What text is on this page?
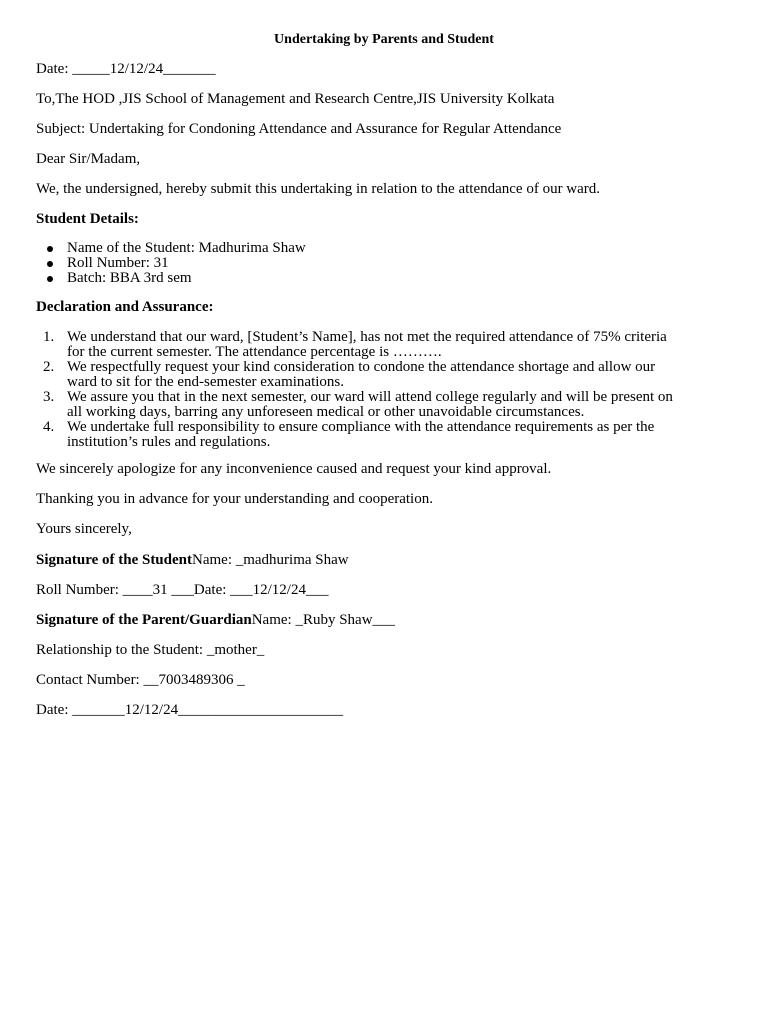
Undertaking by Parents and Student
Date: _____12/12/24_______
To,The HOD ,JIS School of Management and Research Centre,JIS University Kolkata
Subject: Undertaking for Condoning Attendance and Assurance for Regular Attendance
Dear Sir/Madam,
We, the undersigned, hereby submit this undertaking in relation to the attendance of our ward.
Student Details:
Name of the Student: Madhurima Shaw
Roll Number: 31
Batch: BBA 3rd sem
Declaration and Assurance:
1. We understand that our ward, [Student’s Name], has not met the required attendance of 75% criteria
for the current semester. The attendance percentage is ……….
2. We respectfully request your kind consideration to condone the attendance shortage and allow our
ward to sit for the end-semester examinations.
3. We assure you that in the next semester, our ward will attend college regularly and will be present on
all working days, barring any unforeseen medical or other unavoidable circumstances.
4. We undertake full responsibility to ensure compliance with the attendance requirements as per the
institution’s rules and regulations.
We sincerely apologize for any inconvenience caused and request your kind approval.
Thanking you in advance for your understanding and cooperation.
Yours sincerely,
Signature of the StudentName: _madhurima Shaw
Roll Number: ____31 ___Date: ___12/12/24___
Signature of the Parent/GuardianName: _Ruby Shaw___
Relationship to the Student: _mother_
Contact Number: __7003489306 _
Date: _______12/12/24______________________
